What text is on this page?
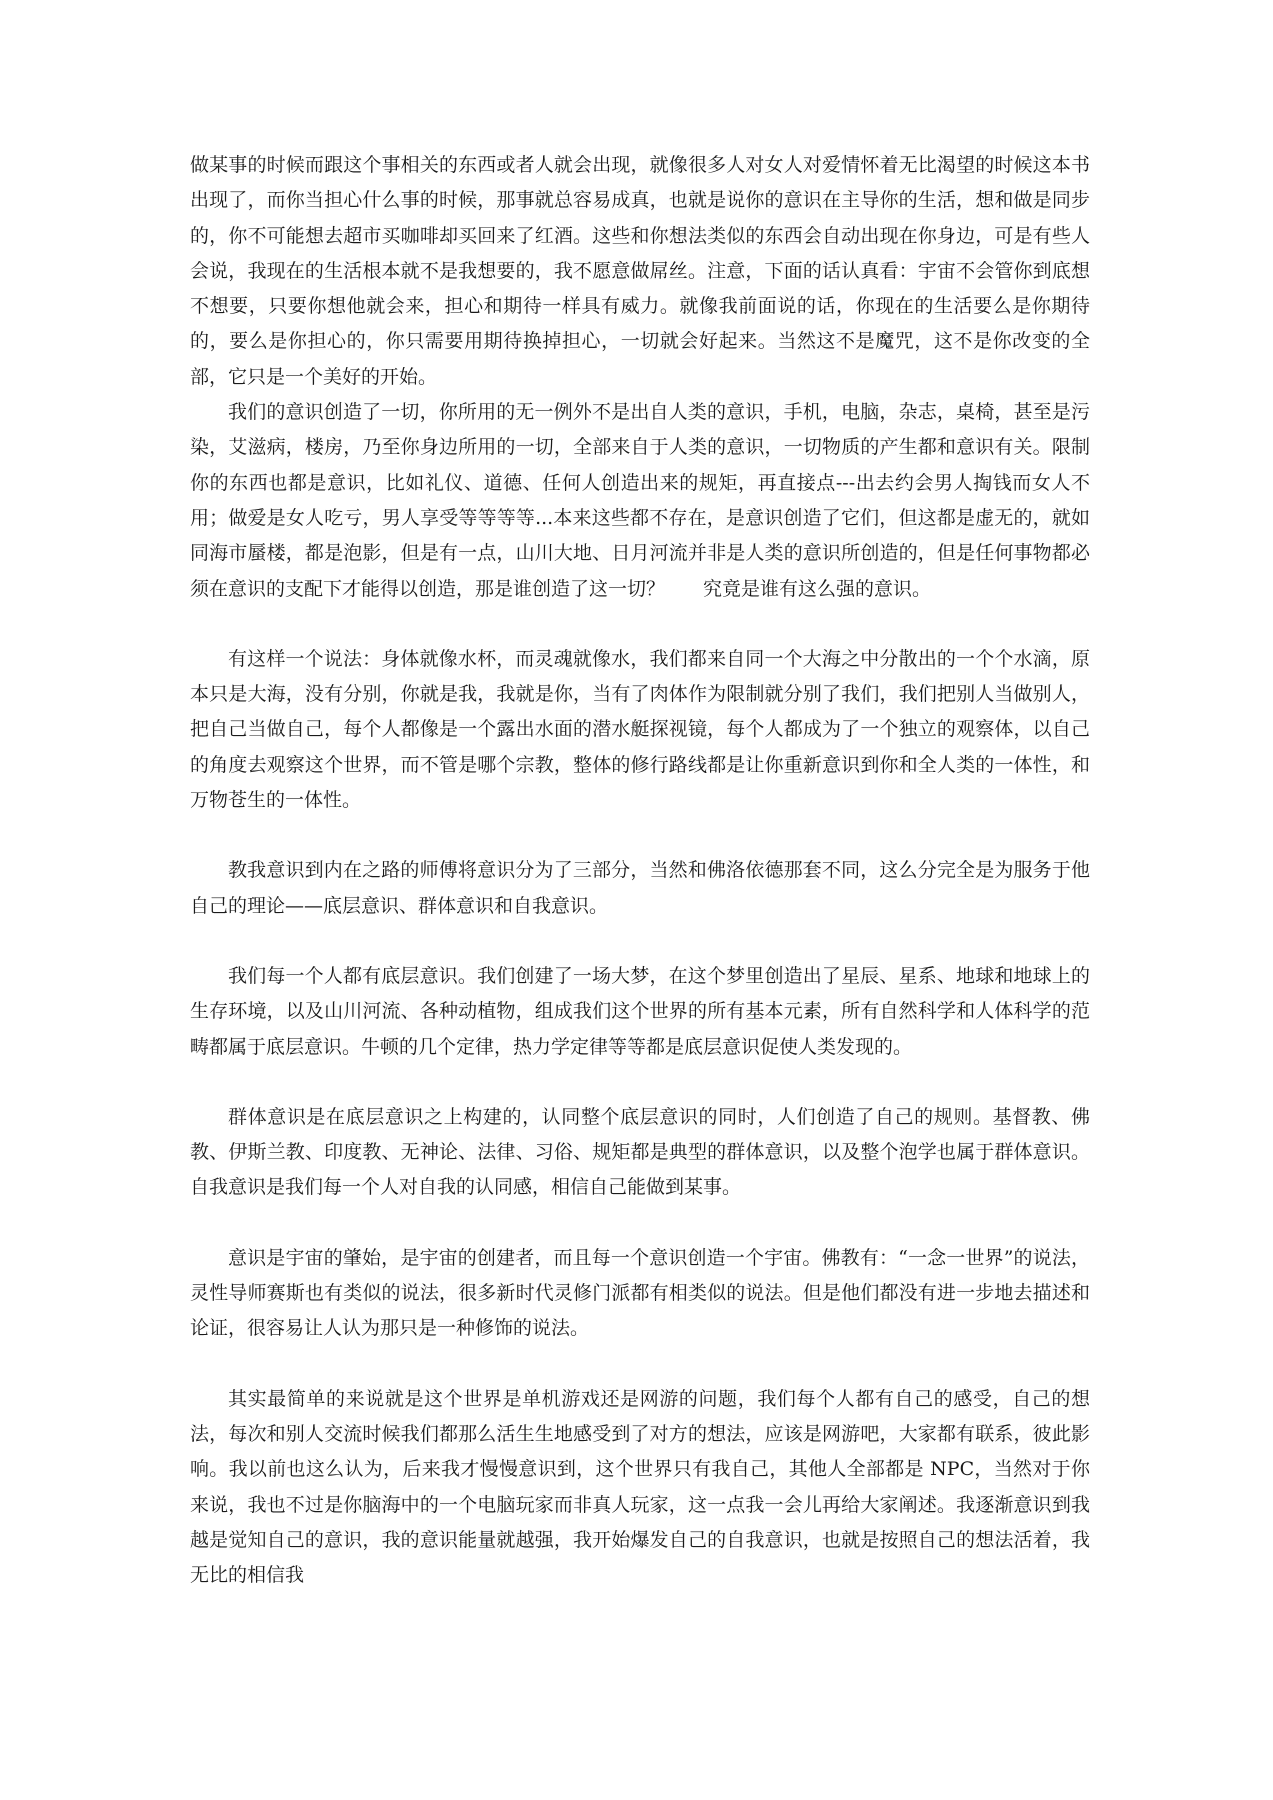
做某事的时候而跟这个事相关的东西或者人就会出现，就像很多人对女人对爱情怀着无比渴望的时候这本书出现了，而你当担心什么事的时候，那事就总容易成真，也就是说你的意识在主导你的生活，想和做是同步的，你不可能想去超市买咖啡却买回来了红酒。这些和你想法类似的东西会自动出现在你身边，可是有些人会说，我现在的生活根本就不是我想要的，我不愿意做屌丝。注意，下面的话认真看：宇宙不会管你到底想不想要，只要你想他就会来，担心和期待一样具有威力。就像我前面说的话，你现在的生活要么是你期待的，要么是你担心的，你只需要用期待换掉担心，一切就会好起来。当然这不是魔咒，这不是你改变的全部，它只是一个美好的开始。

我们的意识创造了一切，你所用的无一例外不是出自人类的意识，手机，电脑，杂志，桌椅，甚至是污染，艾滋病，楼房，乃至你身边所用的一切，全部来自于人类的意识，一切物质的产生都和意识有关。限制你的东西也都是意识，比如礼仪、道德、任何人创造出来的规矩，再直接点---出去约会男人掏钱而女人不用；做爱是女人吃亏，男人享受等等等等...本来这些都不存在，是意识创造了它们，但这都是虚无的，就如同海市蜃楼，都是泡影，但是有一点，山川大地、日月河流并非是人类的意识所创造的，但是任何事物都必须在意识的支配下才能得以创造，那是谁创造了这一切？　　究竟是谁有这么强的意识。

有这样一个说法：身体就像水杯，而灵魂就像水，我们都来自同一个大海之中分散出的一个个水滴，原本只是大海，没有分别，你就是我，我就是你，当有了肉体作为限制就分别了我们，我们把别人当做别人，把自己当做自己，每个人都像是一个露出水面的潜水艇探视镜，每个人都成为了一个独立的观察体，以自己的角度去观察这个世界，而不管是哪个宗教，整体的修行路线都是让你重新意识到你和全人类的一体性，和万物苍生的一体性。

教我意识到内在之路的师傅将意识分为了三部分，当然和佛洛依德那套不同，这么分完全是为服务于他自己的理论——底层意识、群体意识和自我意识。

我们每一个人都有底层意识。我们创建了一场大梦，在这个梦里创造出了星辰、星系、地球和地球上的生存环境，以及山川河流、各种动植物，组成我们这个世界的所有基本元素，所有自然科学和人体科学的范畴都属于底层意识。牛顿的几个定律，热力学定律等等都是底层意识促使人类发现的。

群体意识是在底层意识之上构建的，认同整个底层意识的同时，人们创造了自己的规则。基督教、佛教、伊斯兰教、印度教、无神论、法律、习俗、规矩都是典型的群体意识，以及整个泡学也属于群体意识。自我意识是我们每一个人对自我的认同感，相信自己能做到某事。

意识是宇宙的肇始，是宇宙的创建者，而且每一个意识创造一个宇宙。佛教有：“一念一世界”的说法，灵性导师赛斯也有类似的说法，很多新时代灵修门派都有相类似的说法。但是他们都没有进一步地去描述和论证，很容易让人认为那只是一种修饰的说法。

其实最简单的来说就是这个世界是单机游戏还是网游的问题，我们每个人都有自己的感受，自己的想法，每次和别人交流时候我们都那么活生生地感受到了对方的想法，应该是网游吧，大家都有联系，彼此影响。我以前也这么认为，后来我才慢慢意识到，这个世界只有我自己，其他人全部都是 NPC，当然对于你来说，我也不过是你脑海中的一个电脑玩家而非真人玩家，这一点我一会儿再给大家阐述。我逐渐意识到我越是觉知自己的意识，我的意识能量就越强，我开始爆发自己的自我意识，也就是按照自己的想法活着，我无比的相信我
